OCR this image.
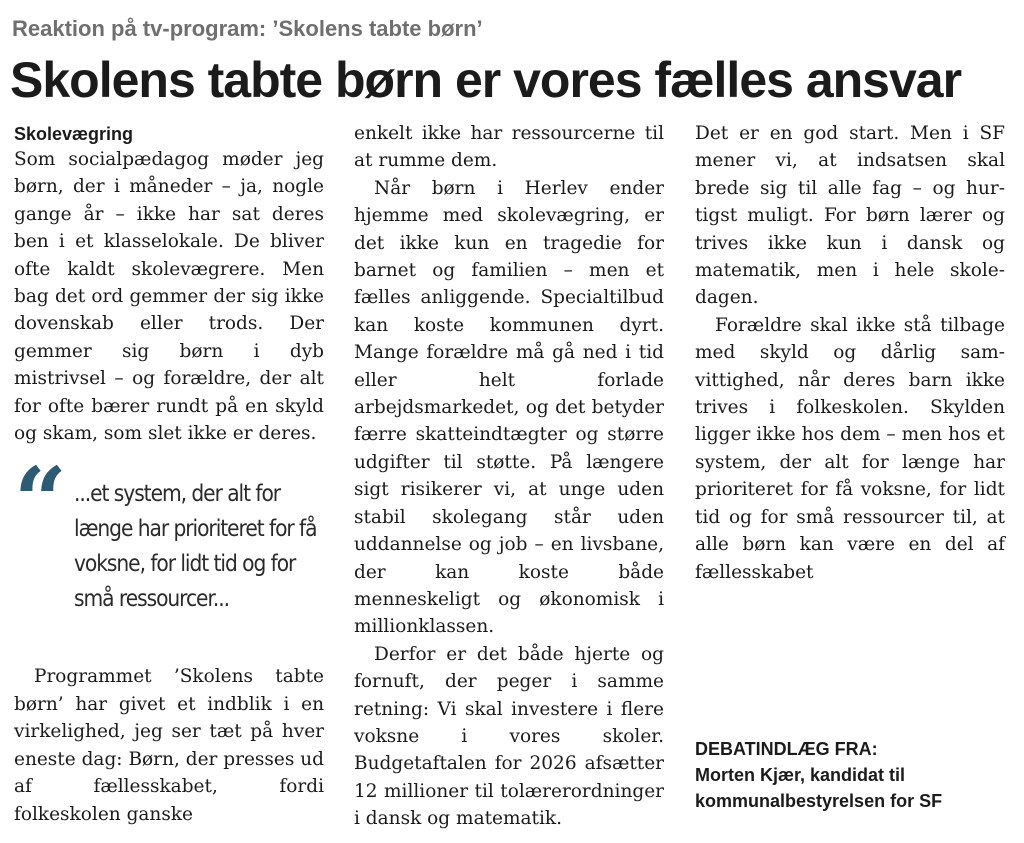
Reaktion på tv-program: ’Skolens tabte børn’
Skolens tabte børn er vores fælles ansvar
Skolevægring

Som socialpædagog møder jeg børn, der i måneder – ja, nogle gange år – ikke har sat deres ben i et klasselokale. De bliver ofte kaldt skolevægrere. Men bag det ord gemmer der sig ikke dovenskab eller trods. Der gemmer sig børn i dyb mistrivsel – og forældre, der alt for ofte bærer rundt på en skyld og skam, som slet ikke er deres.

“ ...et system, der alt for længe har prioriteret for få voksne, for lidt tid og for små ressourcer...

Programmet ’Skolens tabte børn’ har givet et indblik i en virkelighed, jeg ser tæt på hver eneste dag: Børn, der presses ud af fællesskabet, fordi folkeskolen ganske

enkelt ikke har ressourcerne til at rumme dem.

Når børn i Herlev ender hjemme med skolevægring, er det ikke kun en tragedie for barnet og familien – men et fælles anliggende. Specialtilbud kan koste kommunen dyrt. Mange forældre må gå ned i tid eller helt forlade arbejdsmarkedet, og det betyder færre skatteindtægter og større udgifter til støtte. På længere sigt risikerer vi, at unge uden stabil skolegang står uden uddannelse og job – en livsbane, der kan koste både menneskeligt og økonomisk i millionklassen.

Derfor er det både hjerte og fornuft, der peger i samme retning: Vi skal investere i flere voksne i vores skoler. Budgetaftalen for 2026 afsætter 12 millioner til tolærerordninger i dansk og matematik.

Det er en god start. Men i SF mener vi, at indsatsen skal brede sig til alle fag – og hurtigst muligt. For børn lærer og trives ikke kun i dansk og matematik, men i hele skoledagen.

Forældre skal ikke stå tilbage med skyld og dårlig samvittighed, når deres barn ikke trives i folkeskolen. Skylden ligger ikke hos dem – men hos et system, der alt for længe har prioriteret for få voksne, for lidt tid og for små ressourcer til, at alle børn kan være en del af fællesskabet

DEBATINDLÆG FRA:
Morten Kjær, kandidat til
kommunalbestyrelsen for SF
